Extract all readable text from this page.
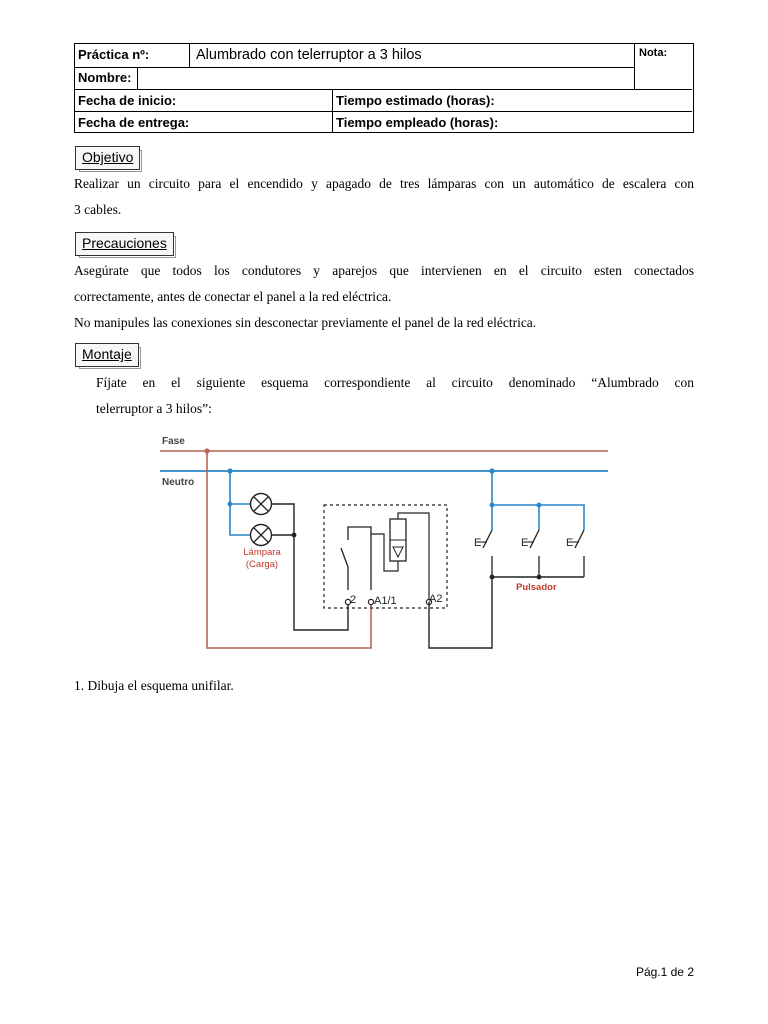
Práctica nº:	Alumbrado con telerruptor a 3 hilos	Nota:
Nombre:
Fecha de inicio:	Tiempo estimado (horas):
Fecha de entrega:	Tiempo empleado (horas):
Objetivo
Realizar un circuito para el encendido y apagado de tres lámparas con un automático de escalera con
3 cables.
Precauciones
Asegúrate que todos los condutores y aparejos que intervienen en el circuito esten conectados
correctamente, antes de conectar el panel a la red eléctrica.
No manipules las conexiones sin desconectar previamente el panel de la red eléctrica.
Montaje
Fíjate en el siguiente esquema correspondiente al circuito denominado “Alumbrado con
telerruptor a 3 hilos”:
Fase
Neutro
Lámpara
(Carga)
2 A1/1	A2
E	E	E
Pulsador
1. Dibuja el esquema unifilar.
Pág.1 de 2
